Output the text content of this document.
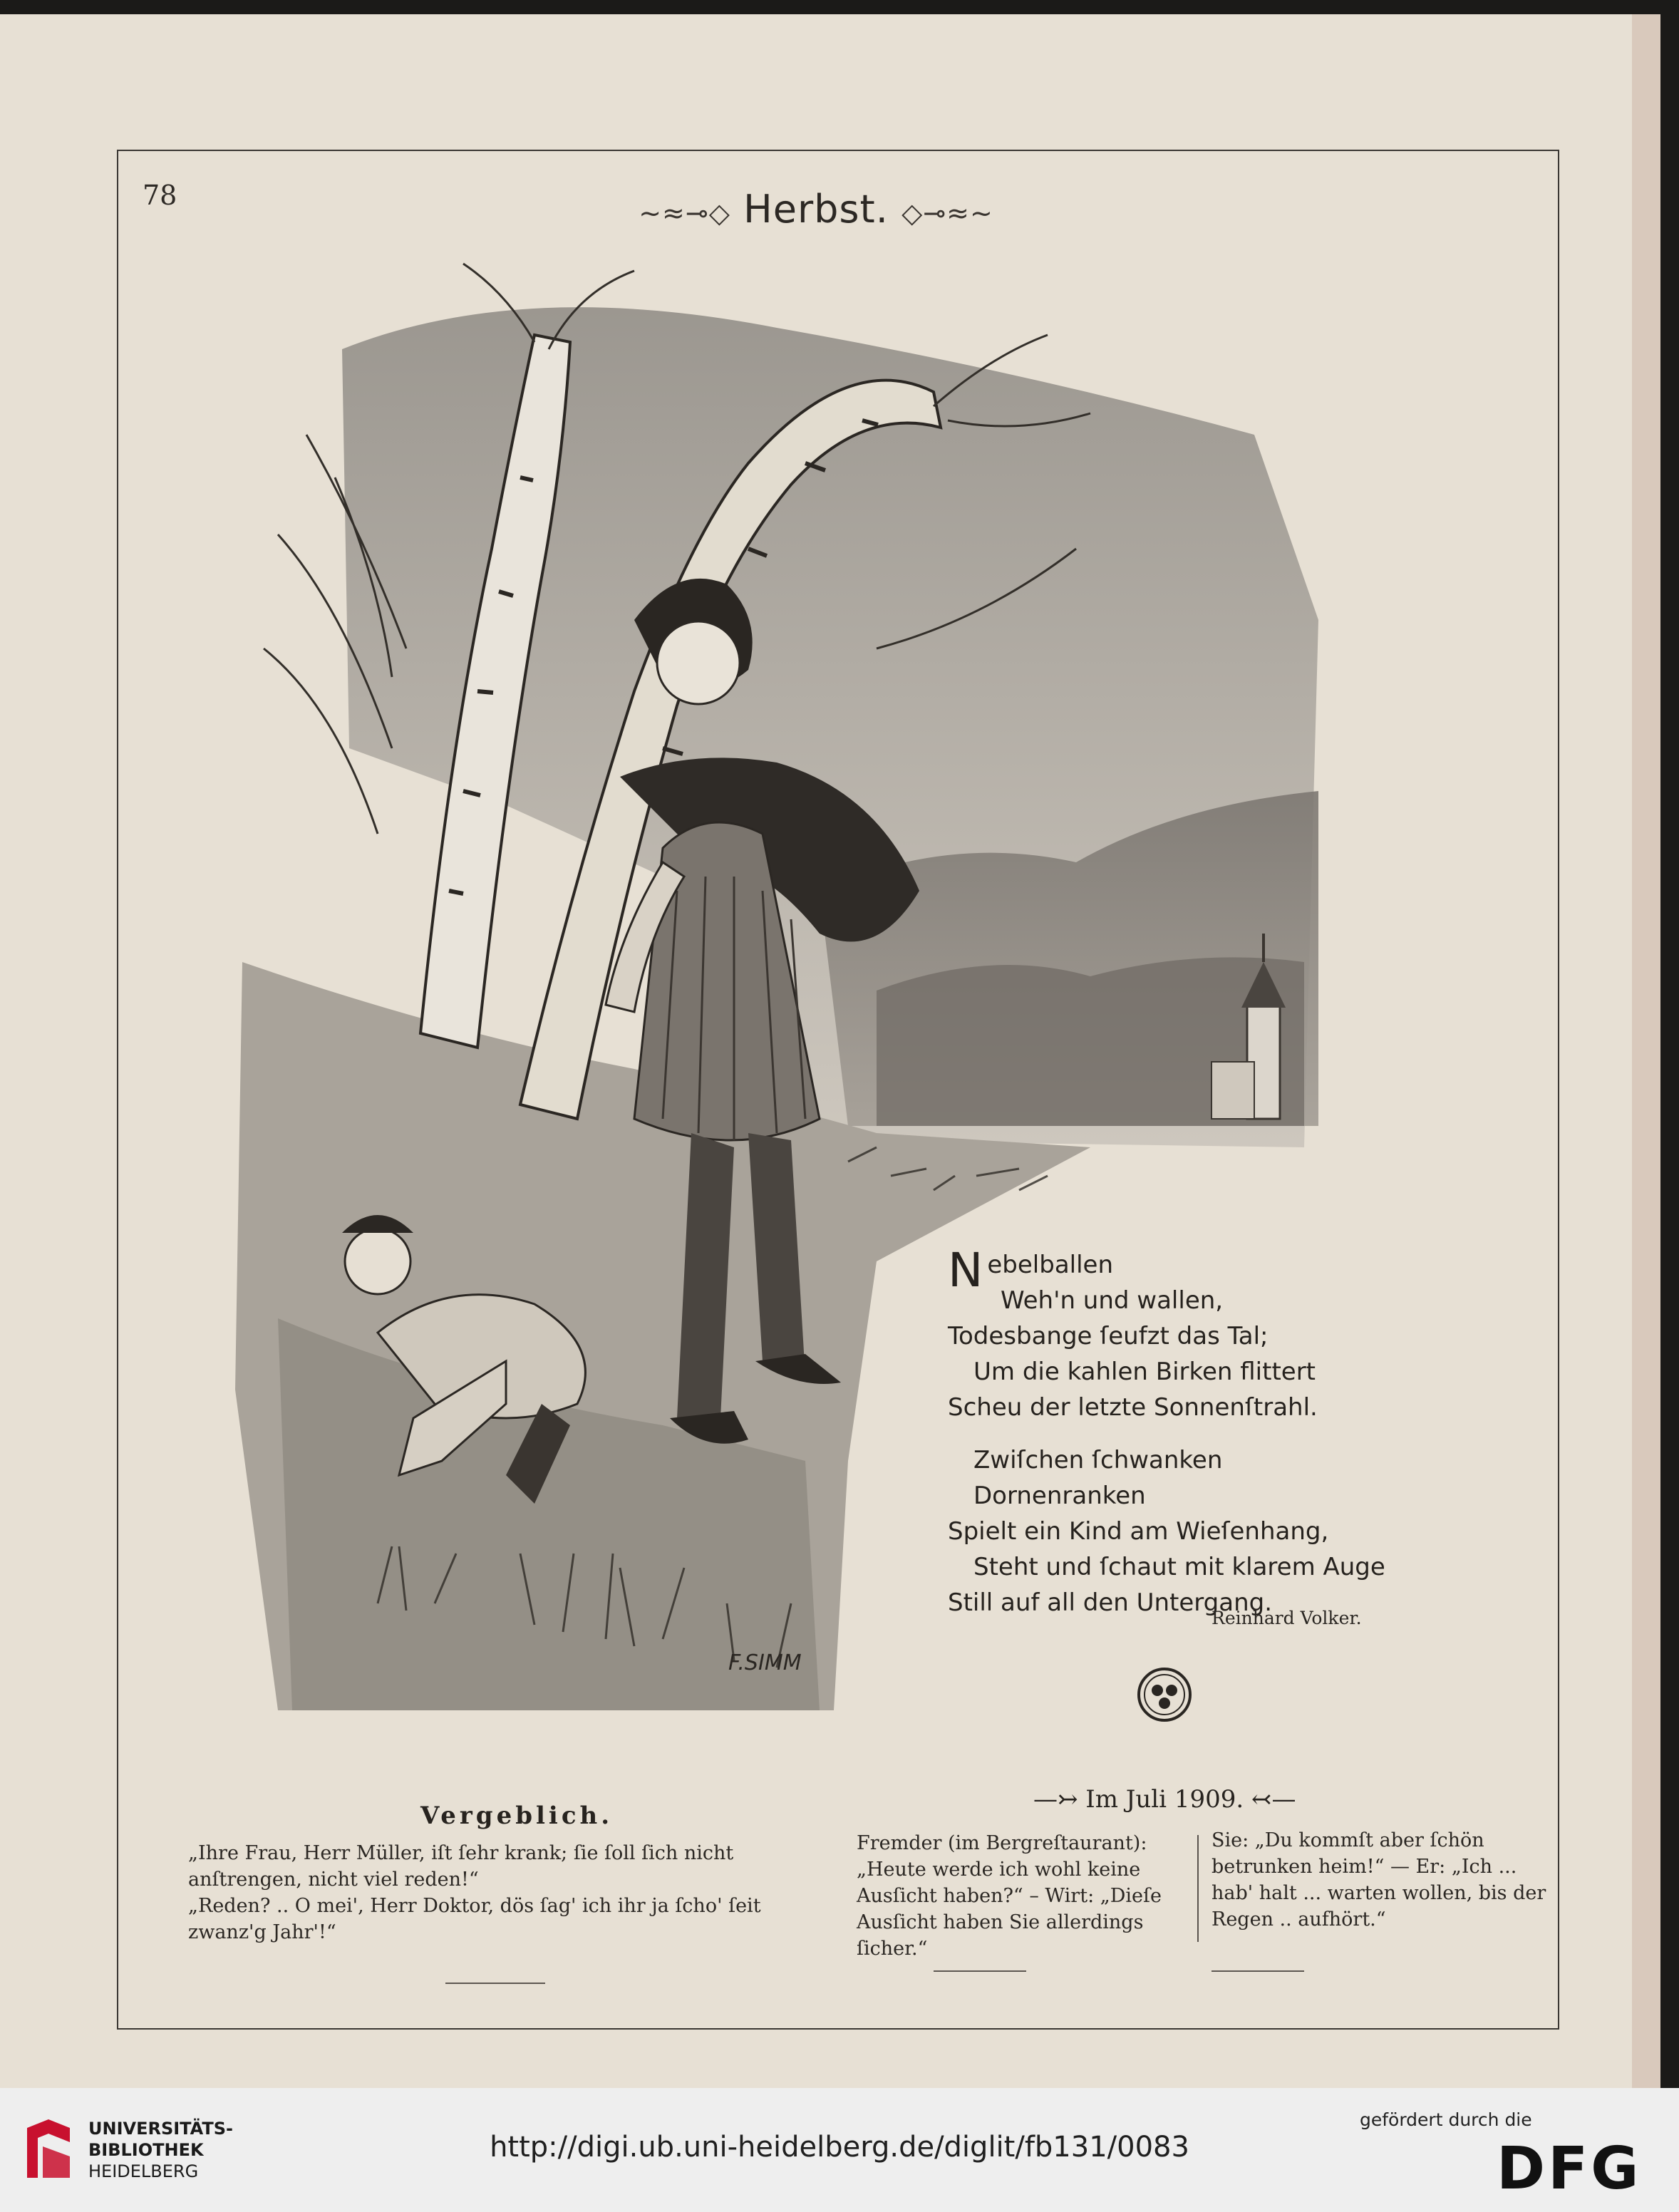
78
~≈⊸◇ Herbst. ◇⊸≈~
F.SIMM
Nebelballen
Weh'n und wallen,
Todesbange ſeufzt das Tal;
Um die kahlen Birken flittert
Scheu der letzte Sonnenſtrahl.
Zwiſchen ſchwanken
Dornenranken
Spielt ein Kind am Wieſenhang,
Steht und ſchaut mit klarem Auge
Still auf all den Untergang.
Reinhard Volker.
Vergeblich.
„Ihre Frau, Herr Müller, iſt ſehr krank; ſie ſoll ſich nicht anſtrengen, nicht viel reden!“
„Reden? .. O mei', Herr Doktor, dös ſag' ich ihr ja ſcho' ſeit zwanz'g Jahr'!“
—↣ Im Juli 1909. ↢—
Fremder (im Bergreſtaurant): „Heute werde ich wohl keine Ausſicht haben?“ – Wirt: „Dieſe Ausſicht haben Sie allerdings ſicher.“
Sie: „Du kommſt aber ſchön betrunken heim!“ — Er: „Ich ... hab' halt ... warten wollen, bis der Regen .. aufhört.“
UNIVERSITÄTS-
BIBLIOTHEK
HEIDELBERG
http://digi.ub.uni-heidelberg.de/diglit/fb131/0083
gefördert durch die
DFG
